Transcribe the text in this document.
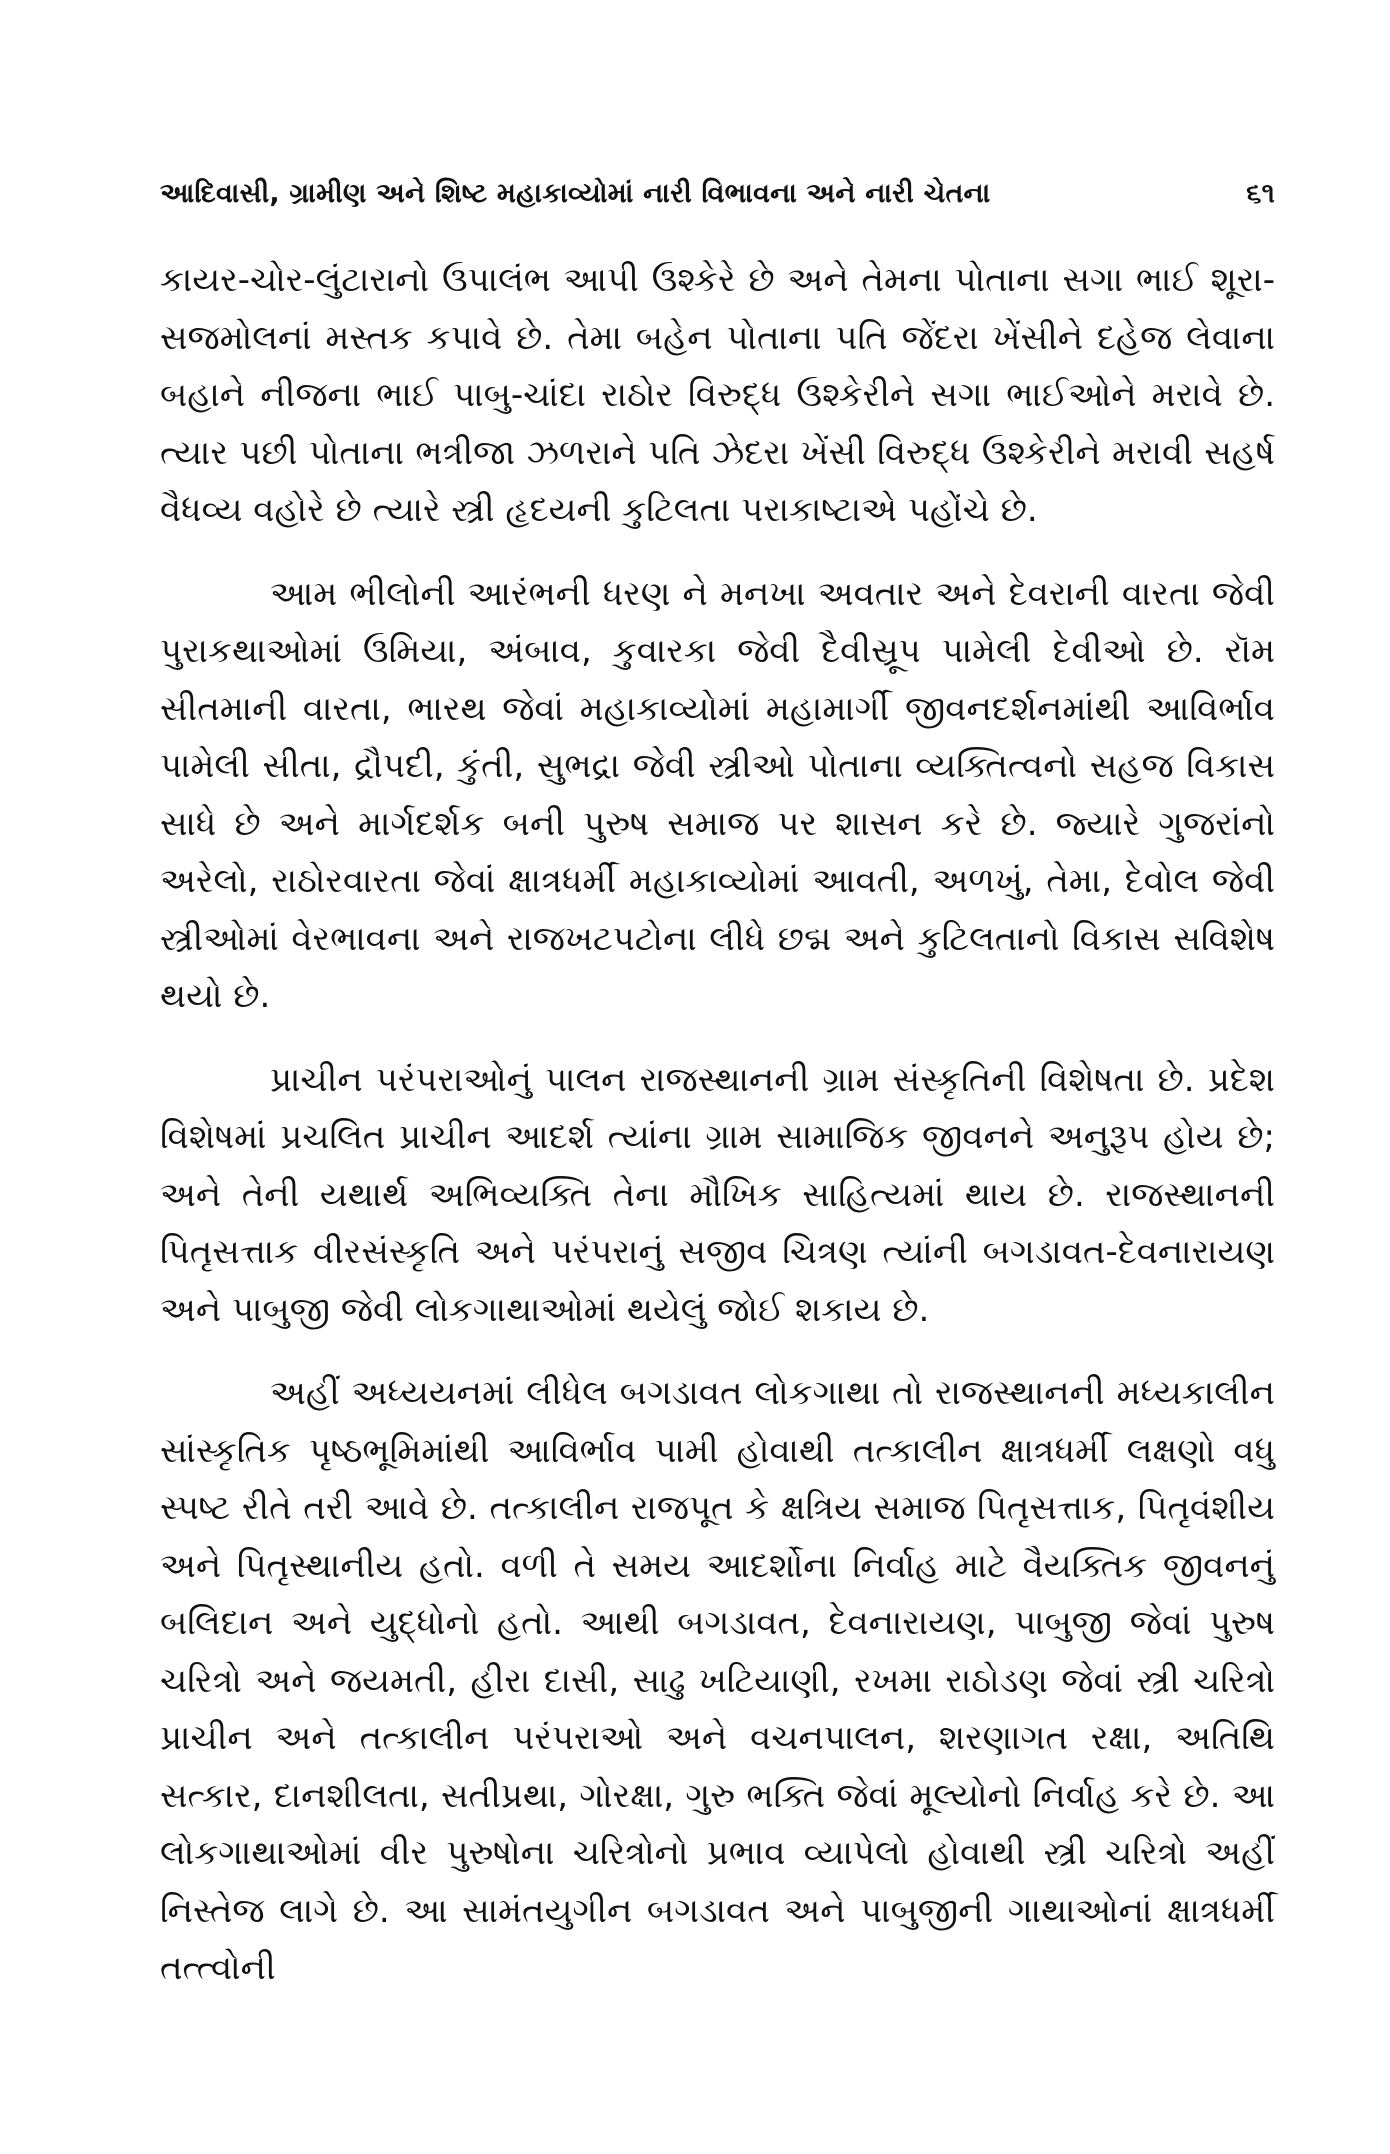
આદિવાસી, ગ્રામીણ અને શિષ્ટ મહાકાવ્યોમાં નારી વિભાવના અને નારી ચેતના	૬૧

કાયર-ચોર-લુંટારાનો ઉપાલંભ આપી ઉશ્કેરે છે અને તેમના પોતાના સગા ભાઈ શૂરા-સજમોલનાં મસ્તક કપાવે છે. તેમા બહેન પોતાના પતિ જેંદરા ખેંસીને દહેજ લેવાના બહાને નીજના ભાઈ પાબુ-ચાંદા રાઠોર વિરુદ્ધ ઉશ્કેરીને સગા ભાઈઓને મરાવે છે. ત્યાર પછી પોતાના ભત્રીજા ઝળરાને પતિ ઝેદરા ખેંસી વિરુદ્ધ ઉશ્કેરીને મરાવી સહર્ષ વૈધવ્ય વહોરે છે ત્યારે સ્ત્રી હૃદયની કુટિલતા પરાકાષ્ટાએ પહોંચે છે.

આમ ભીલોની આરંભની ધરણ ને મનખા અવતાર અને દેવરાની વારતા જેવી પુરાકથાઓમાં ઉમિયા, અંબાવ, કુવારકા જેવી દૈવીસ્રૂપ પામેલી દેવીઓ છે. રૉમ સીતમાની વારતા, ભારથ જેવાં મહાકાવ્યોમાં મહામાર્ગી જીવનદર્શનમાંથી આવિર્ભાવ પામેલી સીતા, દ્રૌપદી, કુંતી, સુભદ્રા જેવી સ્ત્રીઓ પોતાના વ્યક્તિત્વનો સહજ વિકાસ સાધે છે અને માર્ગદર્શક બની પુરુષ સમાજ પર શાસન કરે છે. જ્યારે ગુજરાંનો અરેલો, રાઠોરવારતા જેવાં ક્ષાત્રધર્મી મહાકાવ્યોમાં આવતી, અળખું, તેમા, દેવોલ જેવી સ્ત્રીઓમાં વેરભાવના અને રાજખટપટોના લીધે છદ્મ અને કુટિલતાનો વિકાસ સવિશેષ થયો છે.

પ્રાચીન પરંપરાઓનું પાલન રાજસ્થાનની ગ્રામ સંસ્કૃતિની વિશેષતા છે. પ્રદેશ વિશેષમાં પ્રચલિત પ્રાચીન આદર્શ ત્યાંના ગ્રામ સામાજિક જીવનને અનુરૂપ હોય છે; અને તેની યથાર્થ અભિવ્યક્તિ તેના મૌખિક સાહિત્યમાં થાય છે. રાજસ્થાનની પિતૃસત્તાક વીરસંસ્કૃતિ અને પરંપરાનું સજીવ ચિત્રણ ત્યાંની બગડાવત-દેવનારાયણ અને પાબુજી જેવી લોકગાથાઓમાં થયેલું જોઈ શકાય છે.

અહીં અધ્યયનમાં લીધેલ બગડાવત લોકગાથા તો રાજસ્થાનની મધ્યકાલીન સાંસ્કૃતિક પૃષ્ઠભૂમિમાંથી આવિર્ભાવ પામી હોવાથી તત્કાલીન ક્ષાત્રધર્મી લક્ષણો વધુ સ્પષ્ટ રીતે તરી આવે છે. તત્કાલીન રાજપૂત કે ક્ષત્રિય સમાજ પિતૃસત્તાક, પિતૃવંશીય અને પિતૃસ્થાનીય હતો. વળી તે સમય આદર્શોના નિર્વાહ માટે વૈયક્તિક જીવનનું બલિદાન અને યુદ્ધોનો હતો. આથી બગડાવત, દેવનારાયણ, પાબુજી જેવાં પુરુષ ચરિત્રો અને જયમતી, હીરા દાસી, સાઢુ ખટિયાણી, રખમા રાઠોડણ જેવાં સ્ત્રી ચરિત્રો પ્રાચીન અને તત્કાલીન પરંપરાઓ અને વચનપાલન, શરણાગત રક્ષા, અતિથિ સત્કાર, દાનશીલતા, સતીપ્રથા, ગોરક્ષા, ગુરુ ભક્તિ જેવાં મૂલ્યોનો નિર્વાહ કરે છે. આ લોકગાથાઓમાં વીર પુરુષોના ચરિત્રોનો પ્રભાવ વ્યાપેલો હોવાથી સ્ત્રી ચરિત્રો અહીં નિસ્તેજ લાગે છે. આ સામંતયુગીન બગડાવત અને પાબુજીની ગાથાઓનાં ક્ષાત્રધર્મી તત્ત્વોની
